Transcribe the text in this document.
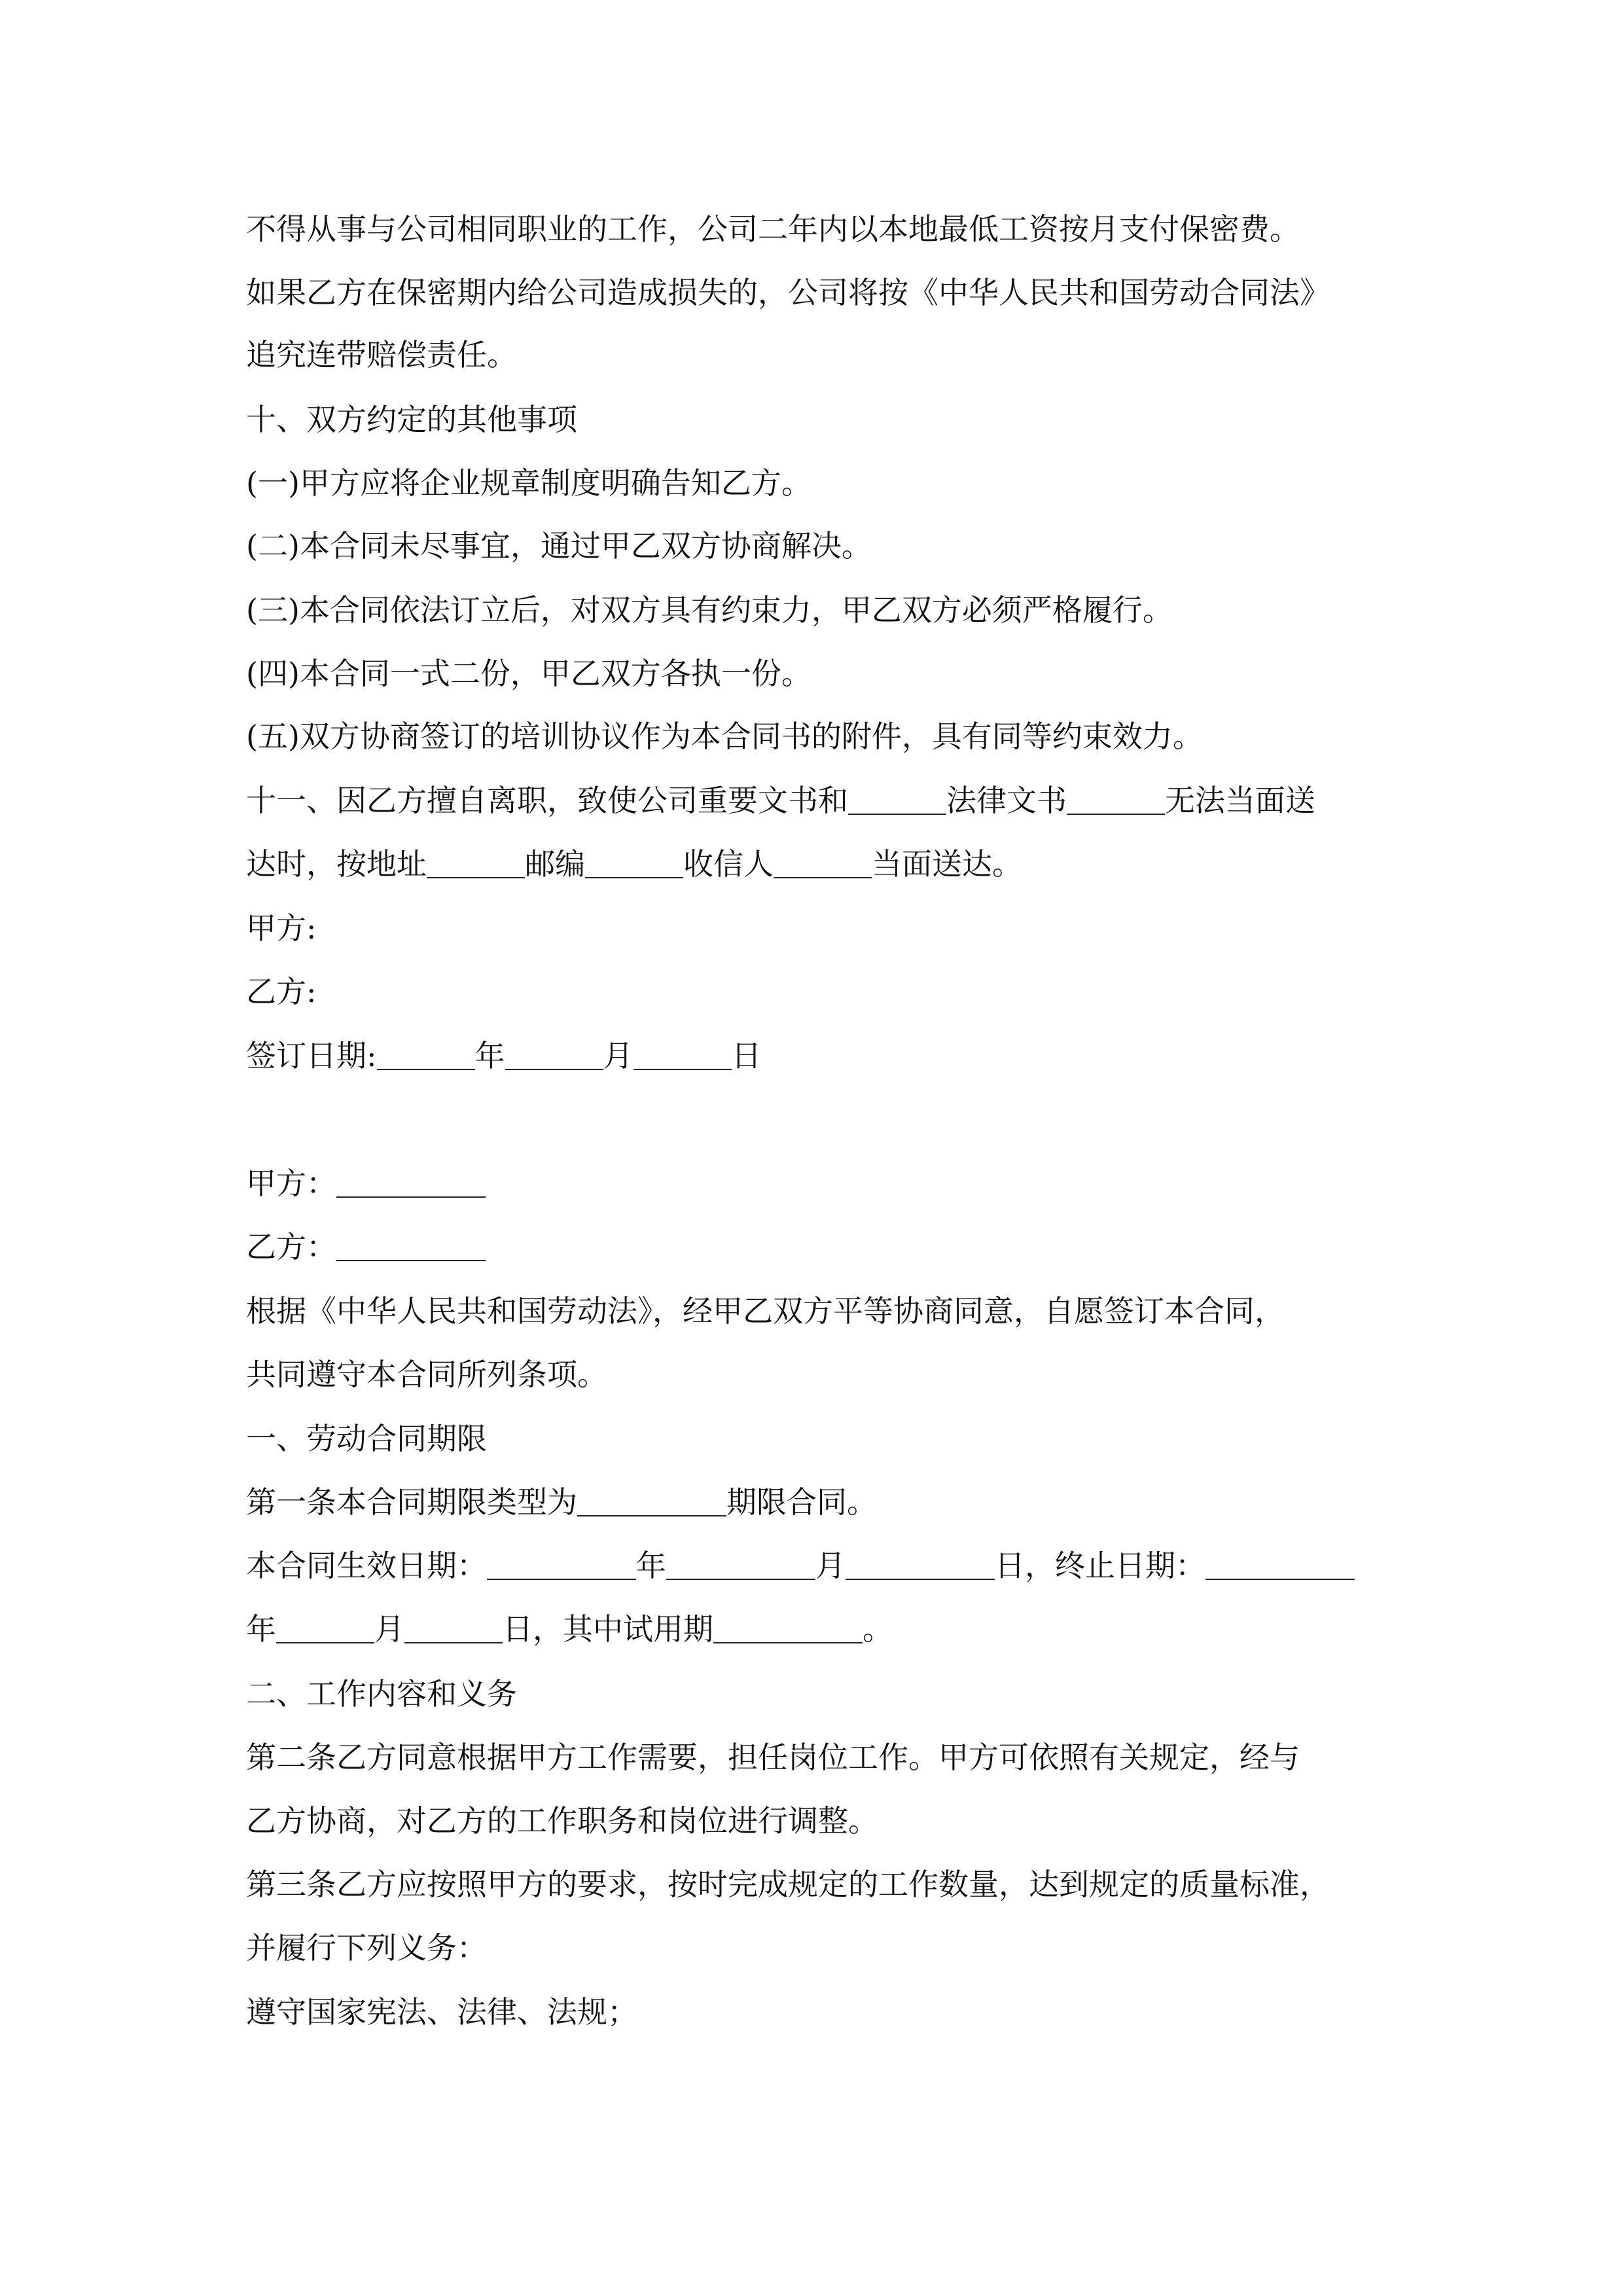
不得从事与公司相同职业的工作，公司二年内以本地最低工资按月支付保密费。
如果乙方在保密期内给公司造成损失的，公司将按《中华人民共和国劳动合同法》
追究连带赔偿责任。
十、双方约定的其他事项
(一)甲方应将企业规章制度明确告知乙方。
(二)本合同未尽事宜，通过甲乙双方协商解决。
(三)本合同依法订立后，对双方具有约束力，甲乙双方必须严格履行。
(四)本合同一式二份，甲乙双方各执一份。
(五)双方协商签订的培训协议作为本合同书的附件，具有同等约束效力。
十一、因乙方擅自离职，致使公司重要文书和	法律文书	无法当面送
达时，按地址	邮编	收信人	当面送达。
甲方:
乙方:
签订日期:	年	月	日
甲方：
乙方：
根据《中华人民共和国劳动法》，经甲乙双方平等协商同意，自愿签订本合同，
共同遵守本合同所列条项。
一、劳动合同期限
第一条本合同期限类型为	期限合同。
本合同生效日期：	年	月	日，终止日期：
年	月	日，其中试用期	。
二、工作内容和义务
第二条乙方同意根据甲方工作需要，担任岗位工作。甲方可依照有关规定，经与
乙方协商，对乙方的工作职务和岗位进行调整。
第三条乙方应按照甲方的要求，按时完成规定的工作数量，达到规定的质量标准，
并履行下列义务：
遵守国家宪法、法律、法规；
